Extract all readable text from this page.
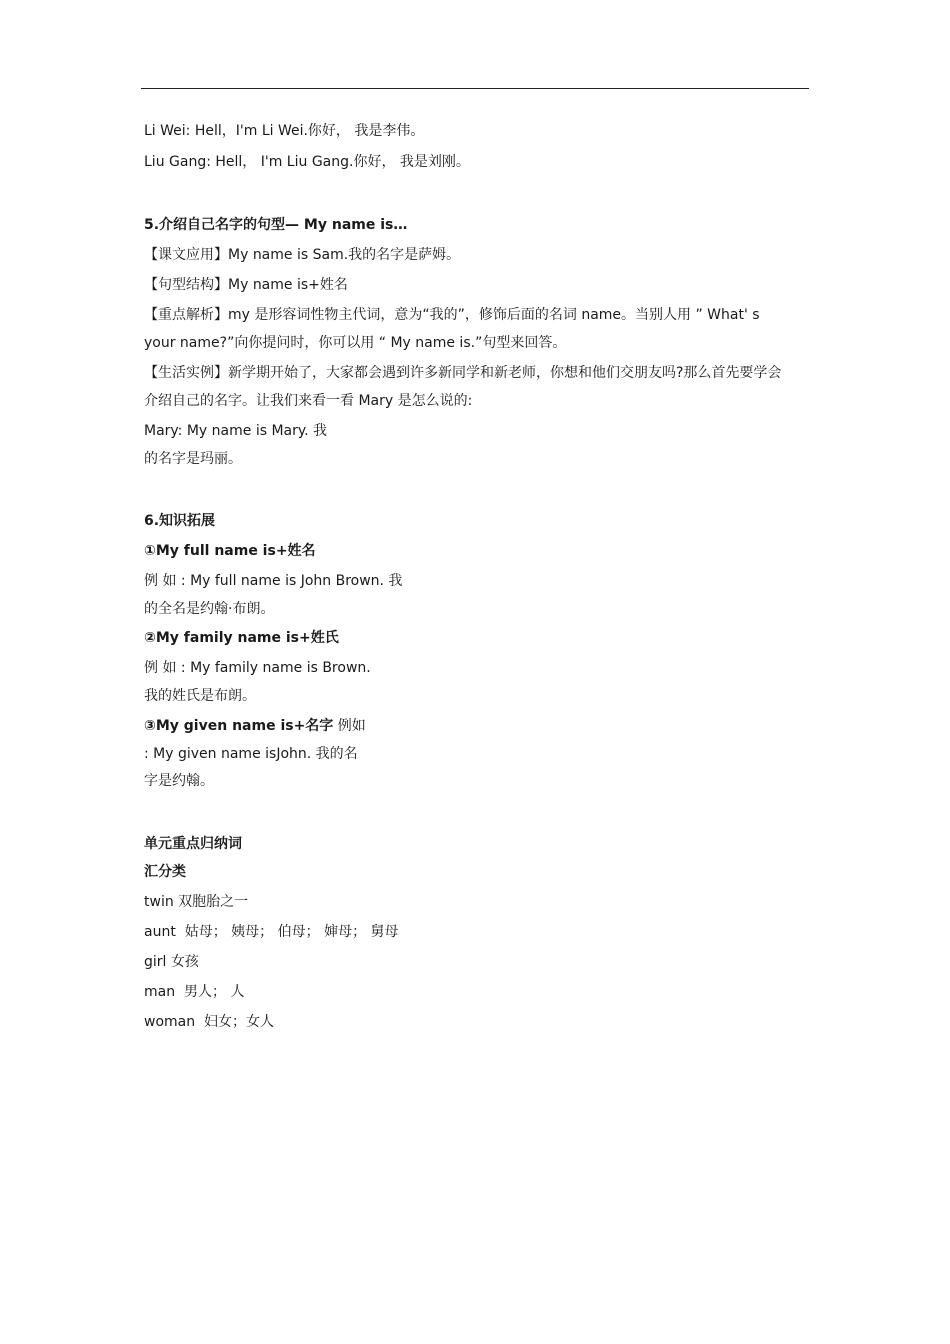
Li Wei: Hell，I'm Li Wei.你好， 我是李伟。
Liu Gang: Hell， I'm Liu Gang.你好， 我是刘刚。
5.介绍自己名字的句型— My name is…
【课文应用】My name is Sam.我的名字是萨姆。
【句型结构】My name is+姓名
【重点解析】my 是形容词性物主代词，意为“我的”，修饰后面的名词 name。当别人用 ” What' s
your name?”向你提问时，你可以用 “ My name is.”句型来回答。
【生活实例】新学期开始了，大家都会遇到许多新同学和新老师，你想和他们交朋友吗?那么首先要学会
介绍自己的名字。让我们来看一看 Mary 是怎么说的:
Mary: My name is Mary. 我
的名字是玛丽。
6.知识拓展
①My full name is+姓名
例 如 : My full name is John Brown. 我
的全名是约翰·布朗。
②My family name is+姓氏
例 如 : My family name is Brown.
我的姓氏是布朗。
③My given name is+名字 例如
: My given name isJohn. 我的名
字是约翰。
单元重点归纳词
汇分类
twin 双胞胎之一
aunt  姑母； 姨母； 伯母； 婶母； 舅母
girl 女孩
man  男人； 人
woman  妇女；女人
